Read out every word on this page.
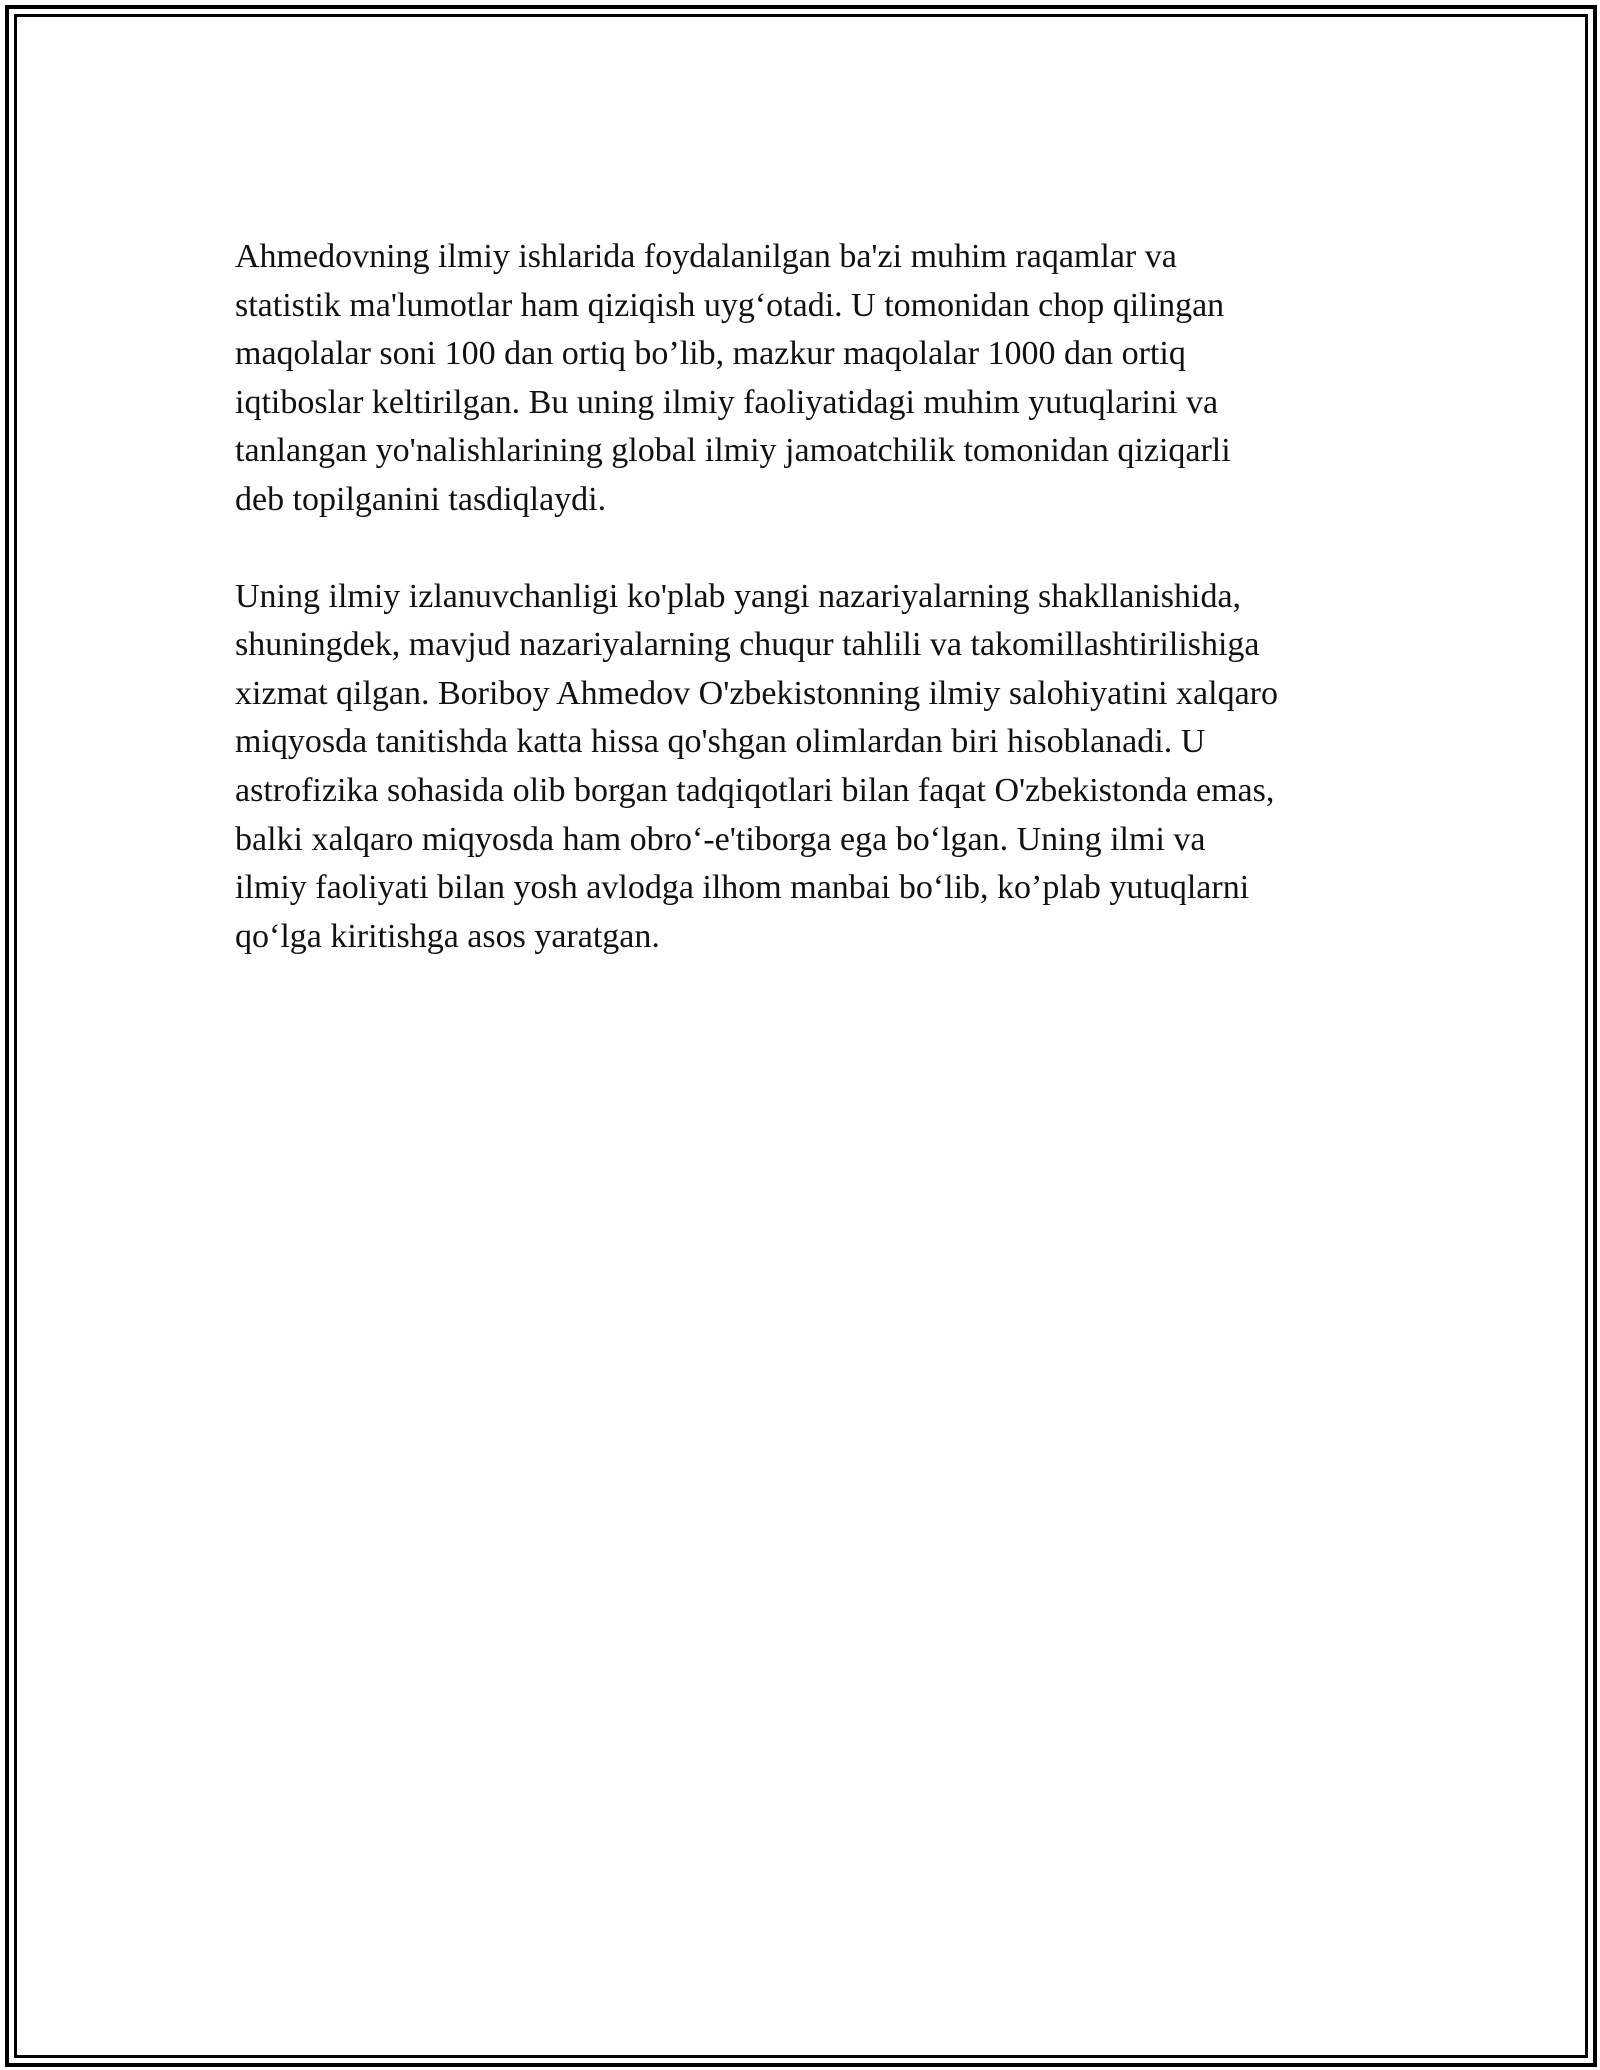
Ahmedovning ilmiy ishlarida foydalanilgan ba'zi muhim raqamlar va
statistik ma'lumotlar ham qiziqish uyg‘otadi. U tomonidan chop qilingan
maqolalar soni 100 dan ortiq bo’lib, mazkur maqolalar 1000 dan ortiq
iqtiboslar keltirilgan. Bu uning ilmiy faoliyatidagi muhim yutuqlarini va
tanlangan yo'nalishlarining global ilmiy jamoatchilik tomonidan qiziqarli
deb topilganini tasdiqlaydi.

Uning ilmiy izlanuvchanligi ko'plab yangi nazariyalarning shakllanishida,
shuningdek, mavjud nazariyalarning chuqur tahlili va takomillashtirilishiga
xizmat qilgan. Boriboy Ahmedov O'zbekistonning ilmiy salohiyatini xalqaro
miqyosda tanitishda katta hissa qo'shgan olimlardan biri hisoblanadi. U
astrofizika sohasida olib borgan tadqiqotlari bilan faqat O'zbekistonda emas,
balki xalqaro miqyosda ham obro‘-e'tiborga ega bo‘lgan. Uning ilmi va
ilmiy faoliyati bilan yosh avlodga ilhom manbai bo‘lib, ko’plab yutuqlarni
qo‘lga kiritishga asos yaratgan.
